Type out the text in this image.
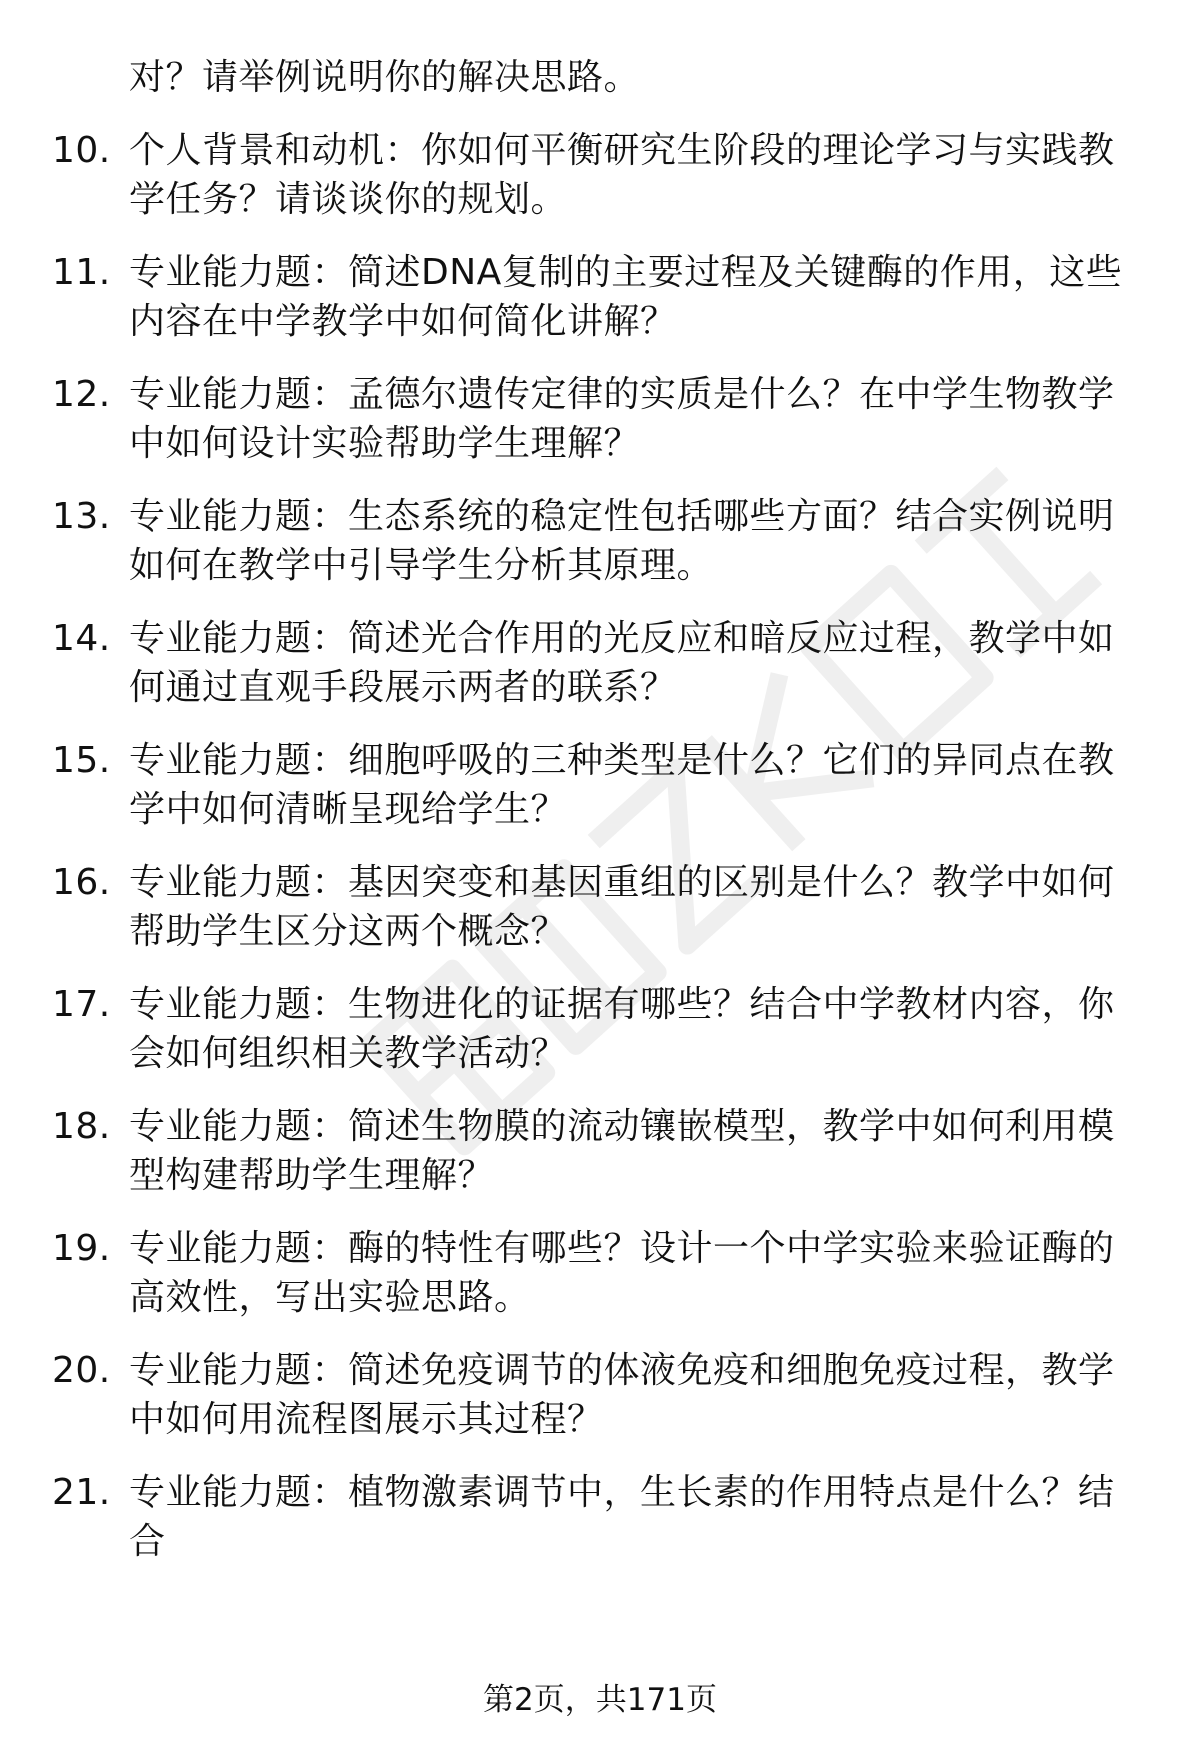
对？请举例说明你的解决思路。
10. 个人背景和动机：你如何平衡研究生阶段的理论学习与实践教学任务？请谈谈你的规划。
11. 专业能力题：简述DNA复制的主要过程及关键酶的作用，这些内容在中学教学中如何简化讲解？
12. 专业能力题：孟德尔遗传定律的实质是什么？在中学生物教学中如何设计实验帮助学生理解？
13. 专业能力题：生态系统的稳定性包括哪些方面？结合实例说明如何在教学中引导学生分析其原理。
14. 专业能力题：简述光合作用的光反应和暗反应过程，教学中如何通过直观手段展示两者的联系？
15. 专业能力题：细胞呼吸的三种类型是什么？它们的异同点在教学中如何清晰呈现给学生？
16. 专业能力题：基因突变和基因重组的区别是什么？教学中如何帮助学生区分这两个概念？
17. 专业能力题：生物进化的证据有哪些？结合中学教材内容，你会如何组织相关教学活动？
18. 专业能力题：简述生物膜的流动镶嵌模型，教学中如何利用模型构建帮助学生理解？
19. 专业能力题：酶的特性有哪些？设计一个中学实验来验证酶的高效性，写出实验思路。
20. 专业能力题：简述免疫调节的体液免疫和细胞免疫过程，教学中如何用流程图展示其过程？
21. 专业能力题：植物激素调节中，生长素的作用特点是什么？结合
第2页，共171页
